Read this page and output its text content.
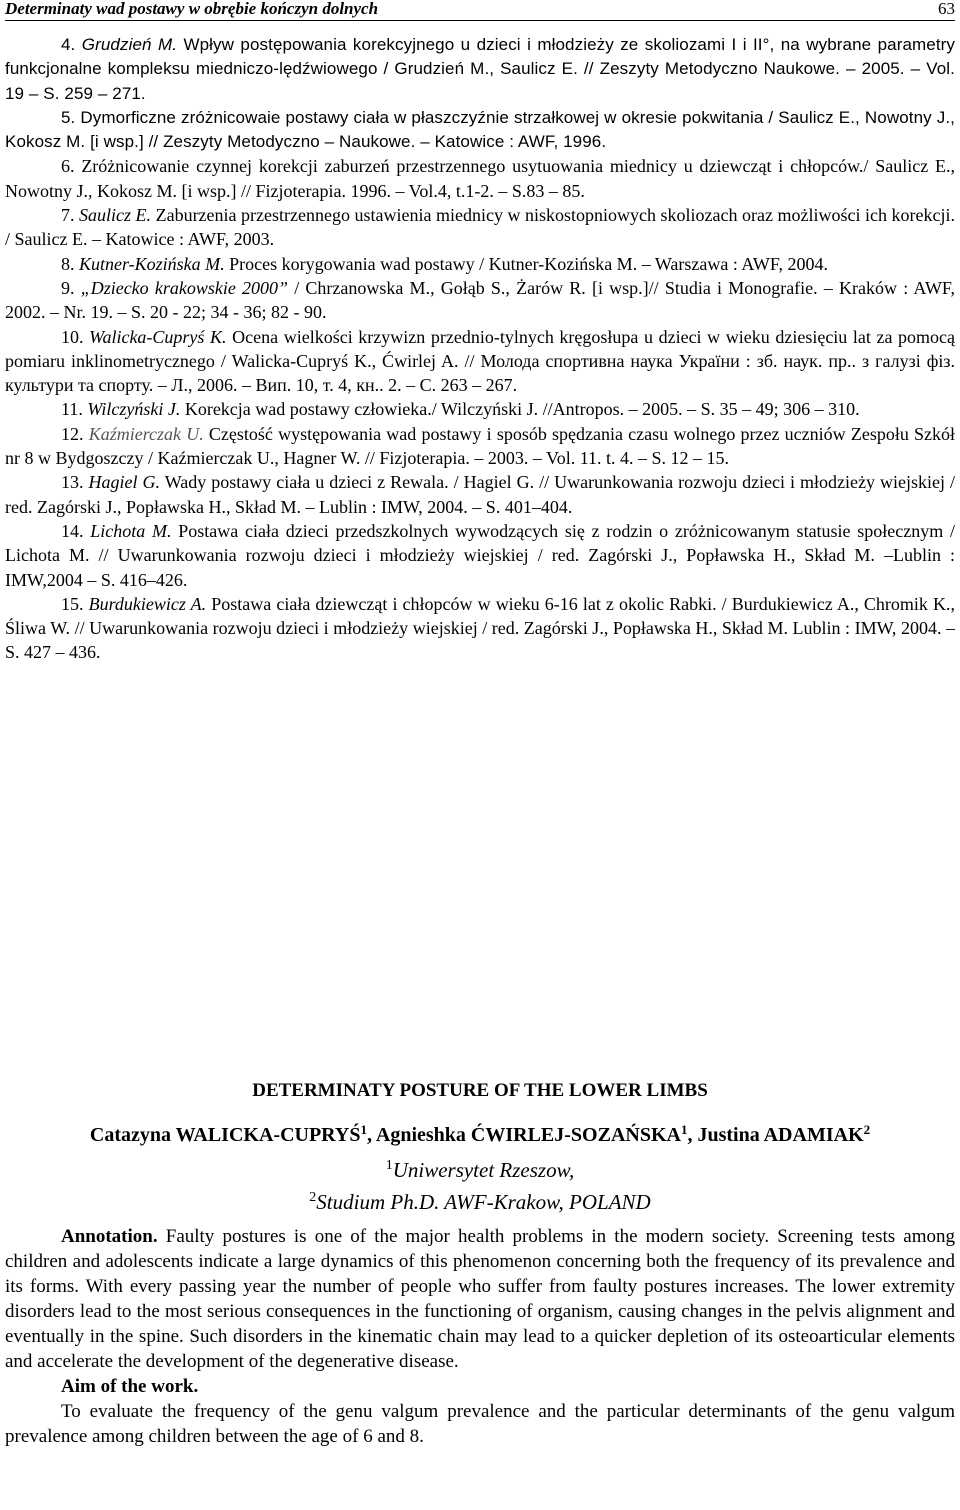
Determinaty wad postawy w obrębie kończyn dolnych	63

4. Grudzień M. Wpływ postępowania korekcyjnego u dzieci i młodzieży ze skoliozami I i II°, na wybrane parametry funkcjonalne kompleksu miedniczo-lędźwiowego / Grudzień M., Saulicz E. // Zeszyty Metodyczno Naukowe. – 2005. – Vol. 19 – S. 259 – 271.

5. Dymorficzne zróżnicowaie postawy ciała w płaszczyźnie strzałkowej w okresie pokwitania / Saulicz E., Nowotny J., Kokosz M. [i wsp.] // Zeszyty Metodyczno – Naukowe. – Katowice : AWF, 1996.

6. Zróżnicowanie czynnej korekcji zaburzeń przestrzennego usytuowania miednicy u dziewcząt i chłopców./ Saulicz E., Nowotny J., Kokosz M. [i wsp.] // Fizjoterapia. 1996. – Vol.4, t.1-2. – S.83 – 85.

7. Saulicz E. Zaburzenia przestrzennego ustawienia miednicy w niskostopniowych skoliozach oraz możliwości ich korekcji. / Saulicz E. – Katowice : AWF, 2003.

8. Kutner-Kozińska M. Proces korygowania wad postawy / Kutner-Kozińska M. – Warszawa : AWF, 2004.

9. „Dziecko krakowskie 2000” / Chrzanowska M., Gołąb S., Żarów R. [i wsp.]// Studia i Monografie. – Kraków : AWF, 2002. – Nr. 19. – S. 20 - 22; 34 - 36; 82 - 90.

10. Walicka-Cupryś K. Ocena wielkości krzywizn przednio-tylnych kręgosłupa u dzieci w wieku dziesięciu lat za pomocą pomiaru inklinometrycznego / Walicka-Cupryś K., Ćwirlej A. // Молода спортивна наука України : зб. наук. пр.. з галузі фіз. культури та спорту. – Л., 2006. – Вип. 10, т. 4, кн.. 2. – С. 263 – 267.

11. Wilczyński J. Korekcja wad postawy człowieka./ Wilczyński J. //Antropos. – 2005. – S. 35 – 49; 306 – 310.

12. Kaźmierczak U. Częstość występowania wad postawy i sposób spędzania czasu wolnego przez uczniów Zespołu Szkół nr 8 w Bydgoszczy / Kaźmierczak U., Hagner W. // Fizjoterapia. – 2003. – Vol. 11. t. 4. – S. 12 – 15.

13. Hagiel G. Wady postawy ciała u dzieci z Rewala. / Hagiel G. // Uwarunkowania rozwoju dzieci i młodzieży wiejskiej / red. Zagórski J., Popławska H., Skład M. – Lublin : IMW, 2004. – S. 401–404.

14. Lichota M. Postawa ciała dzieci przedszkolnych wywodzących się z rodzin o zróżnicowanym statusie społecznym / Lichota M. // Uwarunkowania rozwoju dzieci i młodzieży wiejskiej / red. Zagórski J., Popławska H., Skład M. –Lublin : IMW,2004 – S. 416–426.

15. Burdukiewicz A. Postawa ciała dziewcząt i chłopców w wieku 6-16 lat z okolic Rabki. / Burdukiewicz A., Chromik K., Śliwa W. // Uwarunkowania rozwoju dzieci i młodzieży wiejskiej / red. Zagórski J., Popławska H., Skład M. Lublin : IMW, 2004. – S. 427 – 436.

DETERMINATY POSTURE OF THE LOWER LIMBS
Catazyna WALICKA-CUPRYŚ$^1$, Agnieshka ĆWIRLEJ-SOZAŃSKA$^1$, Justina ADAMIAK$^2$
$^1$Uniwersytet Rzeszow,
$^2$Studium Ph.D. AWF-Krakow, POLAND

Annotation. Faulty postures is one of the major health problems in the modern society. Screening tests among children and adolescents indicate a large dynamics of this phenomenon concerning both the frequency of its prevalence and its forms. With every passing year the number of people who suffer from faulty postures increases. The lower extremity disorders lead to the most serious consequences in the functioning of organism, causing changes in the pelvis alignment and eventually in the spine. Such disorders in the kinematic chain may lead to a quicker depletion of its osteoarticular elements and accelerate the development of the degenerative disease.

Aim of the work.

To evaluate the frequency of the genu valgum prevalence and the particular determinants of the genu valgum prevalence among children between the age of 6 and 8.
